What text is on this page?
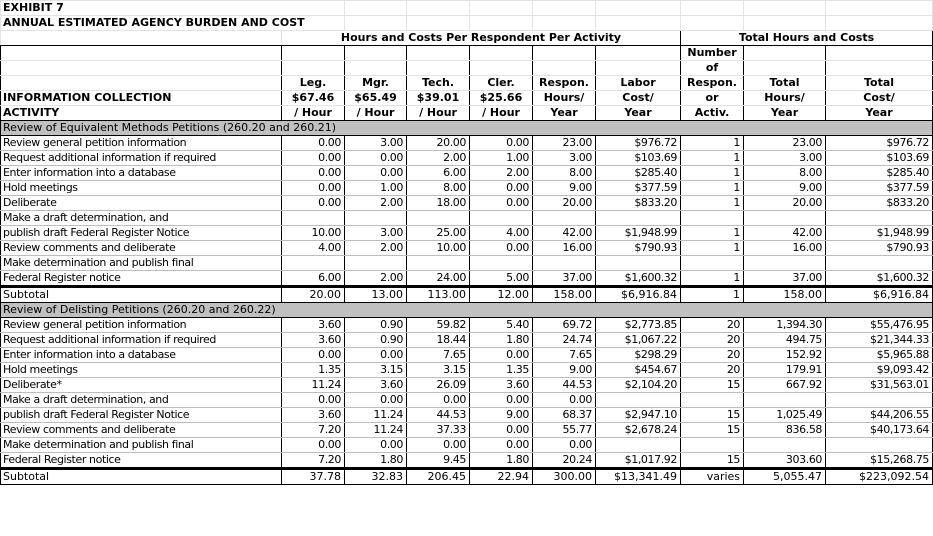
EXHIBIT 7									
ANNUAL ESTIMATED AGENCY BURDEN AND COST									
	Hours and Costs Per Respondent Per Activity						Total Hours and Costs		
							Number		
							of		
	Leg.	Mgr.	Tech.	Cler.	Respon.	Labor	Respon.	Total	Total
INFORMATION COLLECTION	$67.46	$65.49	$39.01	$25.66	Hours/	Cost/	or	Hours/	Cost/
ACTIVITY	/ Hour	/ Hour	/ Hour	/ Hour	Year	Year	Activ.	Year	Year
Review of Equivalent Methods Petitions (260.20 and 260.21)									
Review general petition information	0.00	3.00	20.00	0.00	23.00	$976.72	1	23.00	$976.72
Request additional information if required	0.00	0.00	2.00	1.00	3.00	$103.69	1	3.00	$103.69
Enter information into a database	0.00	0.00	6.00	2.00	8.00	$285.40	1	8.00	$285.40
Hold meetings	0.00	1.00	8.00	0.00	9.00	$377.59	1	9.00	$377.59
Deliberate	0.00	2.00	18.00	0.00	20.00	$833.20	1	20.00	$833.20
Make a draft determination, and									
publish draft Federal Register Notice	10.00	3.00	25.00	4.00	42.00	$1,948.99	1	42.00	$1,948.99
Review comments and deliberate	4.00	2.00	10.00	0.00	16.00	$790.93	1	16.00	$790.93
Make determination and publish final									
Federal Register notice	6.00	2.00	24.00	5.00	37.00	$1,600.32	1	37.00	$1,600.32
Subtotal	20.00	13.00	113.00	12.00	158.00	$6,916.84	1	158.00	$6,916.84
Review of Delisting Petitions (260.20 and 260.22)									
Review general petition information	3.60	0.90	59.82	5.40	69.72	$2,773.85	20	1,394.30	$55,476.95
Request additional information if required	3.60	0.90	18.44	1.80	24.74	$1,067.22	20	494.75	$21,344.33
Enter information into a database	0.00	0.00	7.65	0.00	7.65	$298.29	20	152.92	$5,965.88
Hold meetings	1.35	3.15	3.15	1.35	9.00	$454.67	20	179.91	$9,093.42
Deliberate*	11.24	3.60	26.09	3.60	44.53	$2,104.20	15	667.92	$31,563.01
Make a draft determination, and	0.00	0.00	0.00	0.00	0.00				
publish draft Federal Register Notice	3.60	11.24	44.53	9.00	68.37	$2,947.10	15	1,025.49	$44,206.55
Review comments and deliberate	7.20	11.24	37.33	0.00	55.77	$2,678.24	15	836.58	$40,173.64
Make determination and publish final	0.00	0.00	0.00	0.00	0.00				
Federal Register notice	7.20	1.80	9.45	1.80	20.24	$1,017.92	15	303.60	$15,268.75
Subtotal	37.78	32.83	206.45	22.94	300.00	$13,341.49	varies	5,055.47	$223,092.54
